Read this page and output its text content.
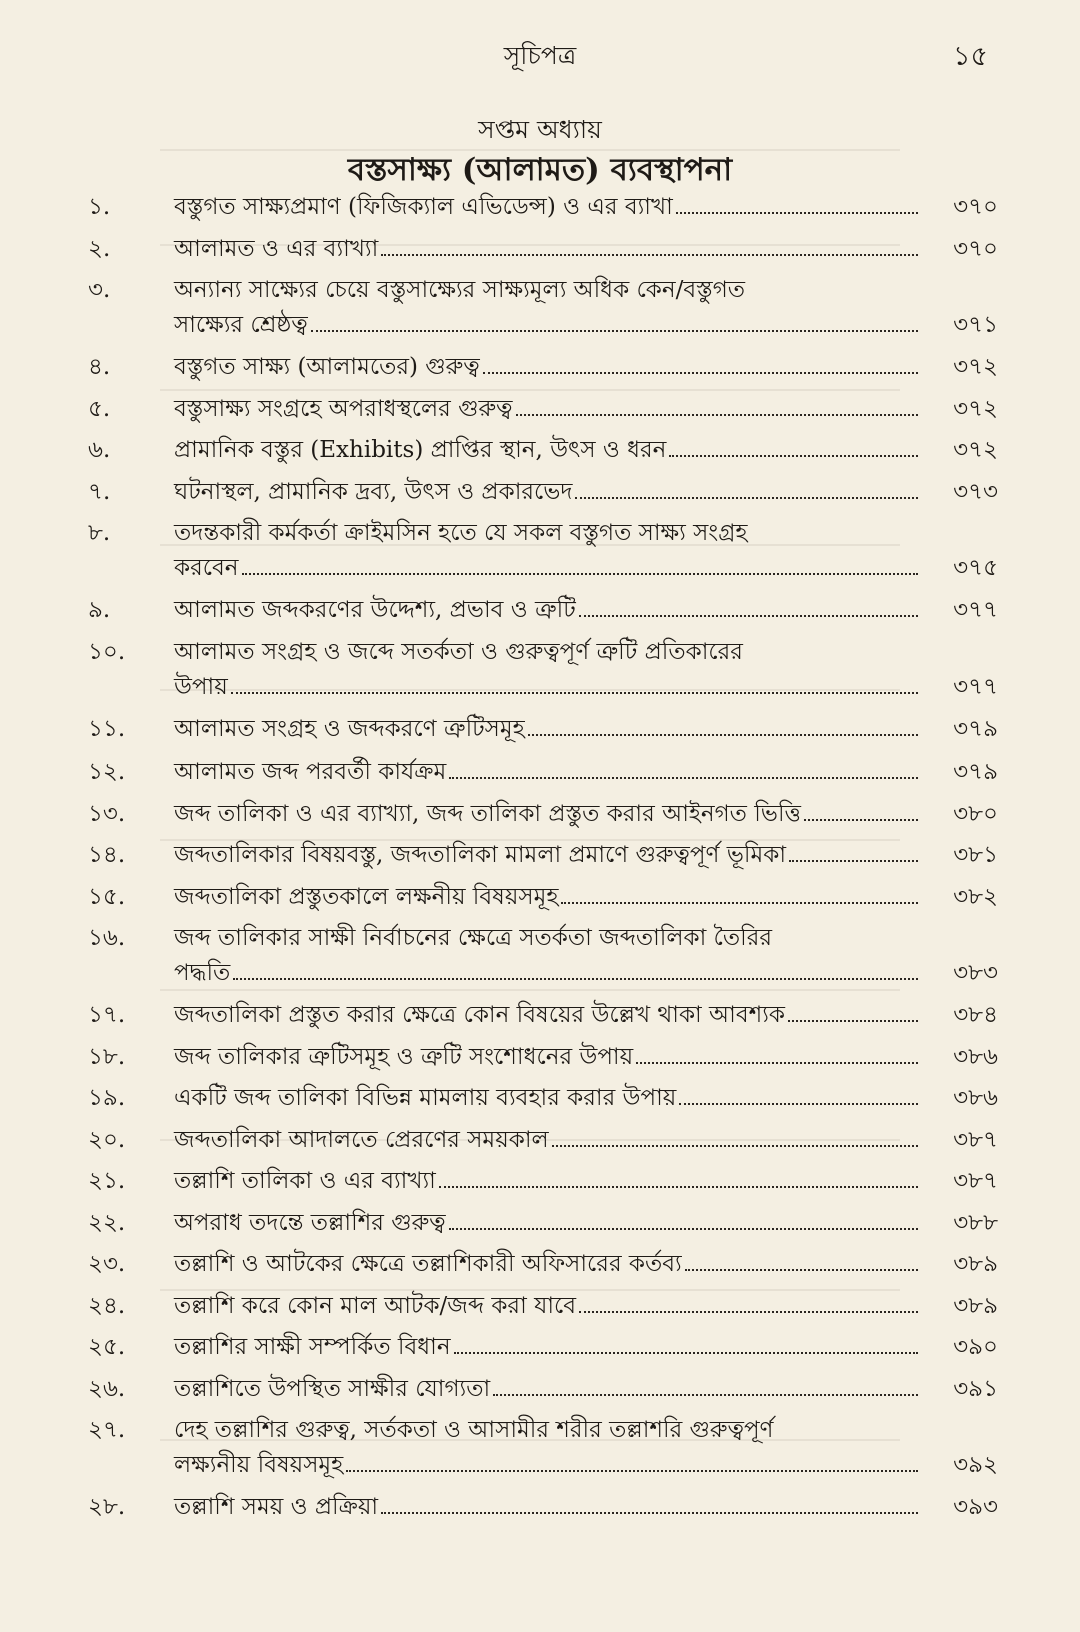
সূচিপত্র	১৫
সপ্তম অধ্যায়
বস্তসাক্ষ্য (আলামত) ব্যবস্থাপনা
১.	বস্তুগত সাক্ষ্যপ্রমাণ (ফিজিক্যাল এভিডেন্স) ও এর ব্যাখা	৩৭০
২.	আলামত ও এর ব্যাখ্যা	৩৭০
৩.	অন্যান্য সাক্ষ্যের চেয়ে বস্তুসাক্ষ্যের সাক্ষ্যমূল্য অধিক কেন/বস্তুগত
সাক্ষ্যের শ্রেষ্ঠত্ব	৩৭১
৪.	বস্তুগত সাক্ষ্য (আলামতের) গুরুত্ব	৩৭২
৫.	বস্তুসাক্ষ্য সংগ্রহে অপরাধস্থলের গুরুত্ব	৩৭২
৬.	প্রামানিক বস্তুর (Exhibits) প্রাপ্তির স্থান, উৎস ও ধরন	৩৭২
৭.	ঘটনাস্থল, প্রামানিক দ্রব্য, উৎস ও প্রকারভেদ	৩৭৩
৮.	তদন্তকারী কর্মকর্তা ক্রাইমসিন হতে যে সকল বস্তুগত সাক্ষ্য সংগ্রহ
করবেন	৩৭৫
৯.	আলামত জব্দকরণের উদ্দেশ্য, প্রভাব ও ত্রুটি	৩৭৭
১০.	আলামত সংগ্রহ ও জব্দে সতর্কতা ও গুরুত্বপূর্ণ ত্রুটি প্রতিকারের
উপায়	৩৭৭
১১.	আলামত সংগ্রহ ও জব্দকরণে ত্রুটিসমূহ	৩৭৯
১২.	আলামত জব্দ পরবর্তী কার্যক্রম	৩৭৯
১৩.	জব্দ তালিকা ও এর ব্যাখ্যা, জব্দ তালিকা প্রস্তুত করার আইনগত ভিত্তি	৩৮০
১৪.	জব্দতালিকার বিষয়বস্তু, জব্দতালিকা মামলা প্রমাণে গুরুত্বপূর্ণ ভূমিকা	৩৮১
১৫.	জব্দতালিকা প্রস্তুতকালে লক্ষনীয় বিষয়সমূহ	৩৮২
১৬.	জব্দ তালিকার সাক্ষী নির্বাচনের ক্ষেত্রে সতর্কতা জব্দতালিকা তৈরির
পদ্ধতি	৩৮৩
১৭.	জব্দতালিকা প্রস্তুত করার ক্ষেত্রে কোন বিষয়ের উল্লেখ থাকা আবশ্যক	৩৮৪
১৮.	জব্দ তালিকার ত্রুটিসমূহ ও ত্রুটি সংশোধনের উপায়	৩৮৬
১৯.	একটি জব্দ তালিকা বিভিন্ন মামলায় ব্যবহার করার উপায়	৩৮৬
২০.	জব্দতালিকা আদালতে প্রেরণের সময়কাল	৩৮৭
২১.	তল্লাশি তালিকা ও এর ব্যাখ্যা	৩৮৭
২২.	অপরাধ তদন্তে তল্লাশির গুরুত্ব	৩৮৮
২৩.	তল্লাশি ও আটকের ক্ষেত্রে তল্লাশিকারী অফিসারের কর্তব্য	৩৮৯
২৪.	তল্লাশি করে কোন মাল আটক/জব্দ করা যাবে	৩৮৯
২৫.	তল্লাশির সাক্ষী সম্পর্কিত বিধান	৩৯০
২৬.	তল্লাশিতে উপস্থিত সাক্ষীর যোগ্যতা	৩৯১
২৭.	দেহ তল্লাশির গুরুত্ব, সর্তকতা ও আসামীর শরীর তল্লাশরি গুরুত্বপূর্ণ
লক্ষ্যনীয় বিষয়সমূহ	৩৯২
২৮.	তল্লাশি সময় ও প্রক্রিয়া	৩৯৩
